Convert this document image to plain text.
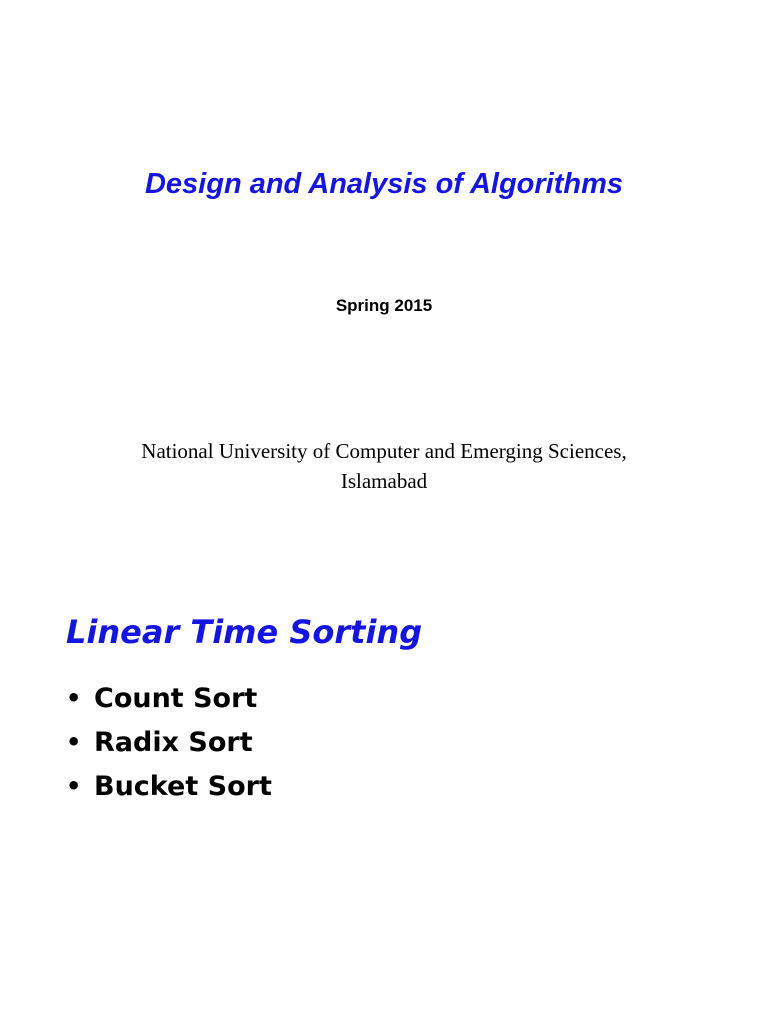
Design and Analysis of Algorithms
Spring 2015
National University of Computer and Emerging Sciences,
Islamabad
Linear Time Sorting
• Count Sort
• Radix Sort
• Bucket Sort
